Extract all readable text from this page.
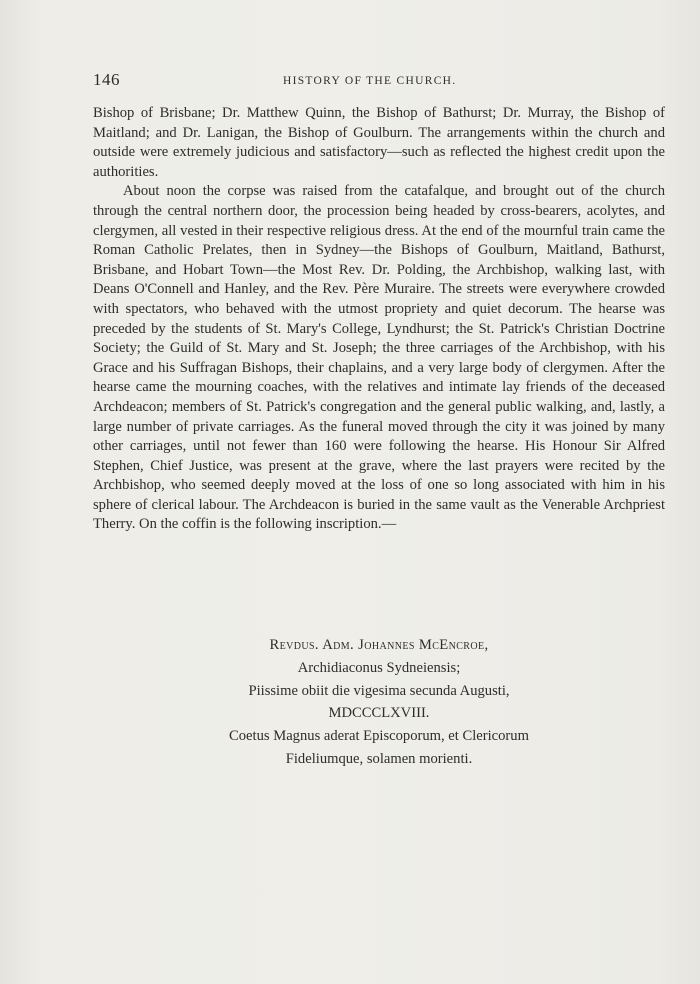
146	HISTORY OF THE CHURCH.

Bishop of Brisbane; Dr. Matthew Quinn, the Bishop of Bathurst; Dr. Murray, the Bishop of Maitland; and Dr. Lanigan, the Bishop of Goulburn. The arrangements within the church and outside were extremely judicious and satisfactory—such as reflected the highest credit upon the authorities.

About noon the corpse was raised from the catafalque, and brought out of the church through the central northern door, the procession being headed by cross-bearers, acolytes, and clergymen, all vested in their respective religious dress. At the end of the mournful train came the Roman Catholic Prelates, then in Sydney—the Bishops of Goulburn, Maitland, Bathurst, Brisbane, and Hobart Town—the Most Rev. Dr. Polding, the Archbishop, walking last, with Deans O'Connell and Hanley, and the Rev. Père Muraire. The streets were everywhere crowded with spectators, who behaved with the utmost propriety and quiet decorum. The hearse was preceded by the students of St. Mary's College, Lyndhurst; the St. Patrick's Christian Doctrine Society; the Guild of St. Mary and St. Joseph; the three carriages of the Archbishop, with his Grace and his Suffragan Bishops, their chaplains, and a very large body of clergymen. After the hearse came the mourning coaches, with the relatives and intimate lay friends of the deceased Archdeacon; members of St. Patrick's congregation and the general public walking, and, lastly, a large number of private carriages. As the funeral moved through the city it was joined by many other carriages, until not fewer than 160 were following the hearse. His Honour Sir Alfred Stephen, Chief Justice, was present at the grave, where the last prayers were recited by the Archbishop, who seemed deeply moved at the loss of one so long associated with him in his sphere of clerical labour. The Archdeacon is buried in the same vault as the Venerable Archpriest Therry. On the coffin is the following inscription.—

Revdus. Adm. Johannes McEncroe,
Archidiaconus Sydneiensis;
Piissime obiit die vigesima secunda Augusti,
MDCCCLXVIII.
Coetus Magnus aderat Episcoporum, et Clericorum
Fideliumque, solamen morienti.
